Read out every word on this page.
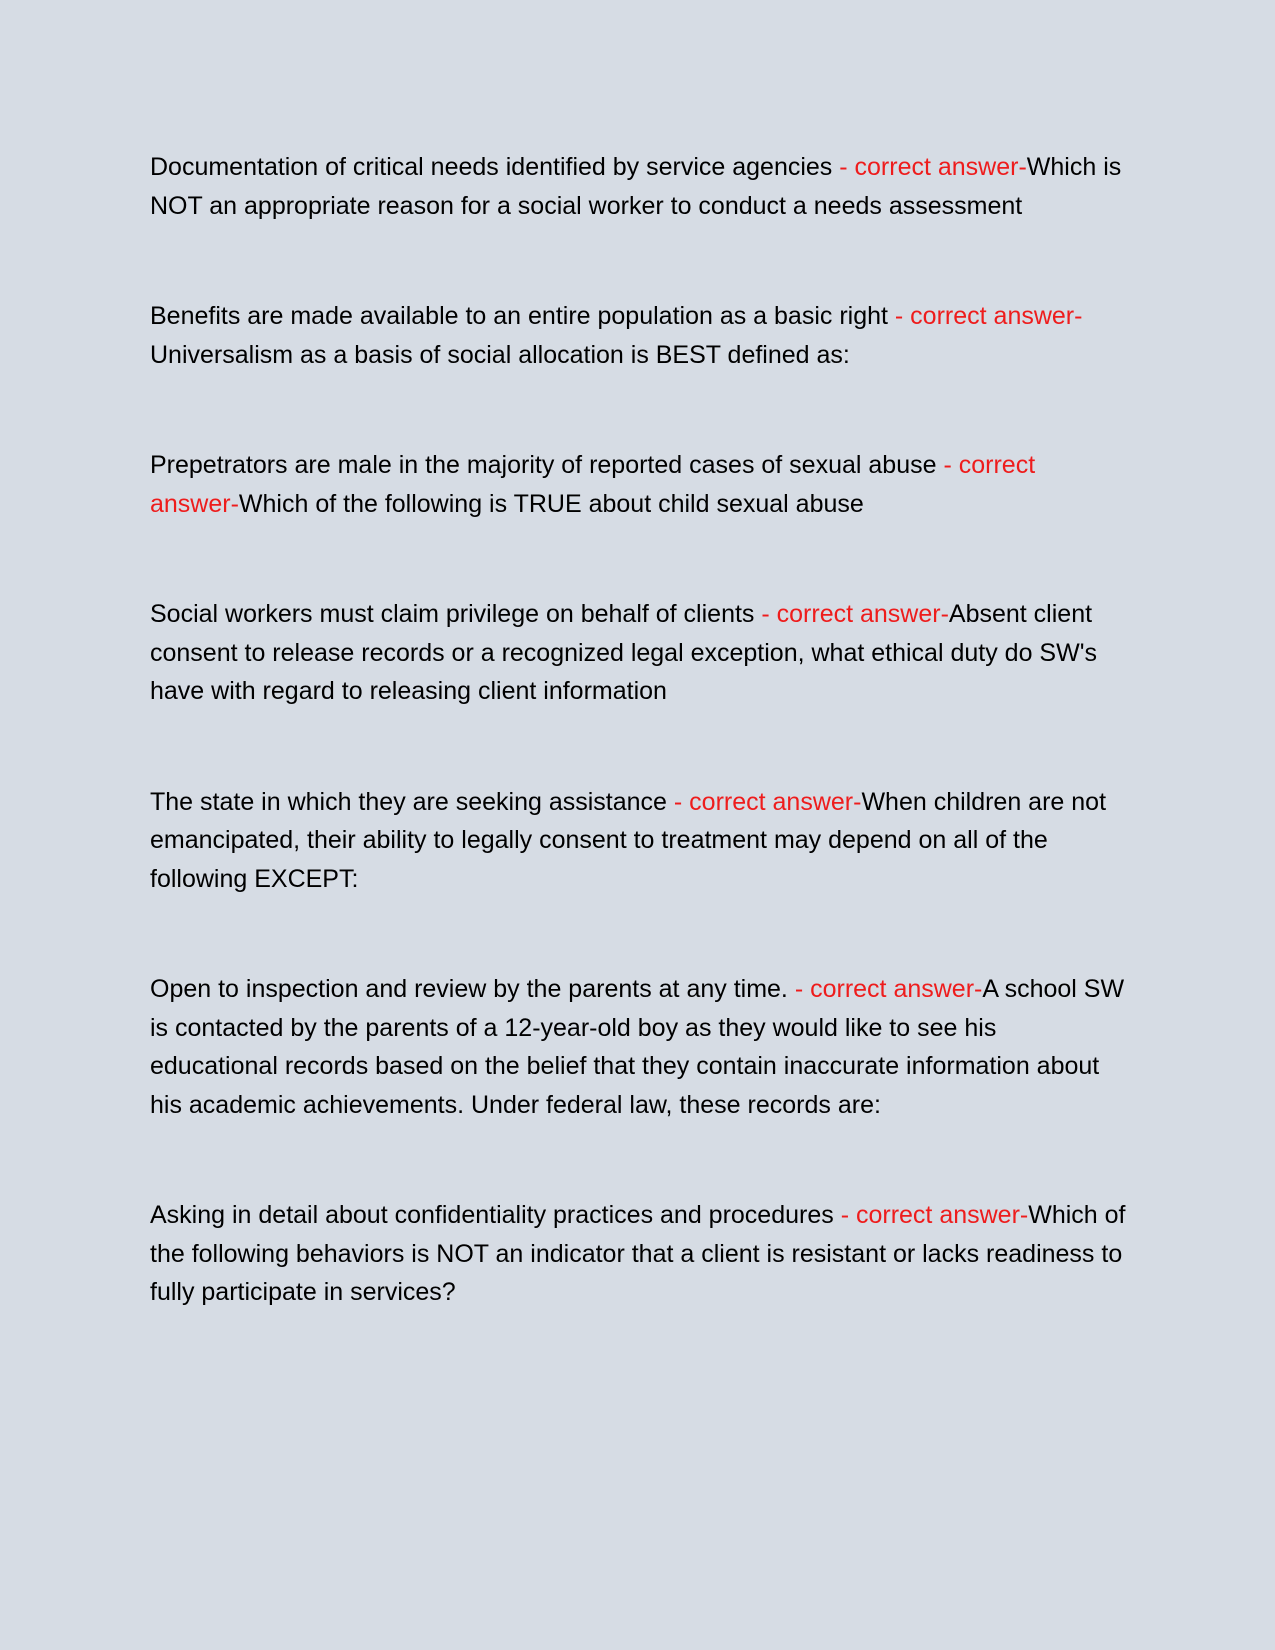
Documentation of critical needs identified by service agencies - correct answer-Which is NOT an appropriate reason for a social worker to conduct a needs assessment

Benefits are made available to an entire population as a basic right - correct answer-Universalism as a basis of social allocation is BEST defined as:

Prepetrators are male in the majority of reported cases of sexual abuse - correct answer-Which of the following is TRUE about child sexual abuse

Social workers must claim privilege on behalf of clients - correct answer-Absent client consent to release records or a recognized legal exception, what ethical duty do SW's have with regard to releasing client information

The state in which they are seeking assistance - correct answer-When children are not emancipated, their ability to legally consent to treatment may depend on all of the following EXCEPT:

Open to inspection and review by the parents at any time. - correct answer-A school SW is contacted by the parents of a 12-year-old boy as they would like to see his educational records based on the belief that they contain inaccurate information about his academic achievements. Under federal law, these records are:

Asking in detail about confidentiality practices and procedures - correct answer-Which of the following behaviors is NOT an indicator that a client is resistant or lacks readiness to fully participate in services?
